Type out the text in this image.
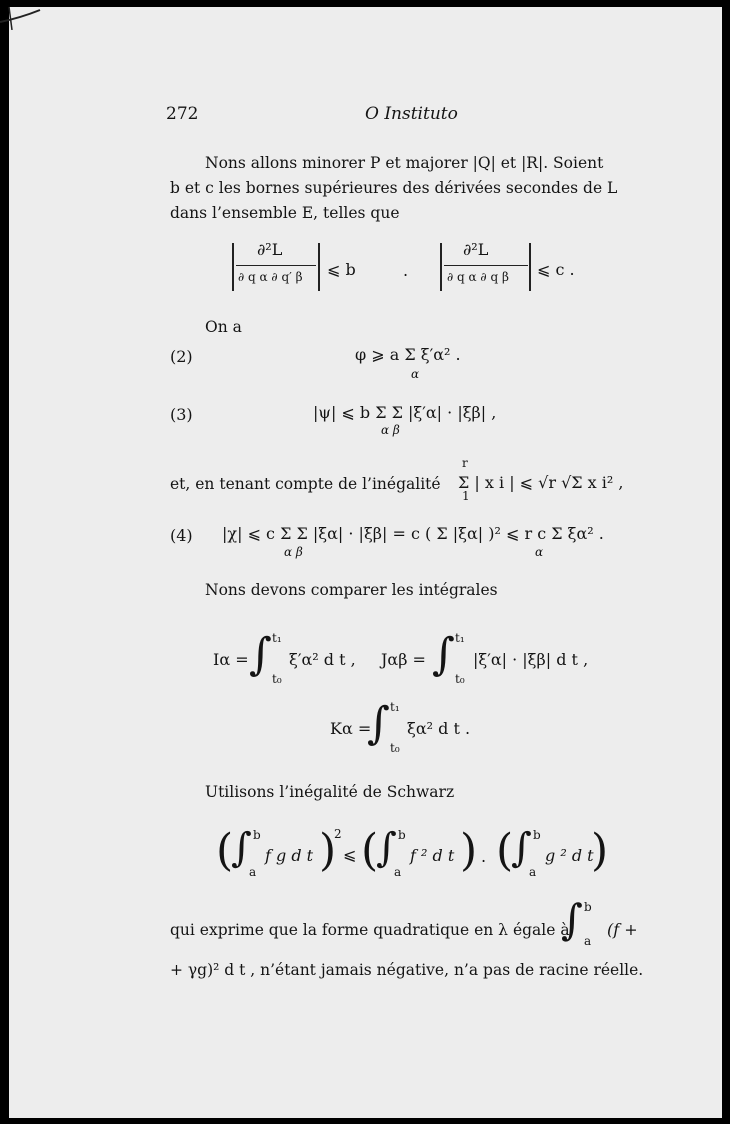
272	O Instituto
Nons allons minorer P et majorer |Q| et |R|. Soient
b et c les bornes supérieures des dérivées secondes de L
dans l’ensemble E, telles que
∂²L
∂ q α ∂ q′ β ⩽ b	.
∂²L
∂ q α ∂ q β ⩽ c .
On a
(2)	φ ⩾ a Σ ξ′α² .
α
(3)	|ψ| ⩽ b Σ Σ |ξ′α| · |ξβ| ,
α β
et, en tenant compte de l’inégalité
r
1
Σ | x i | ⩽ √r √Σ x i² ,
(4) |χ| ⩽ c Σ Σ |ξα| · |ξβ| = c ( Σ |ξα| )² ⩽ r c Σ ξα² .
α β	α
Nons devons comparer les intégrales
Iα = ∫ t₁
t₀
ξ′α² d t , Jαβ = ∫ t₁
t₀
|ξ′α| · |ξβ| d t ,
Kα =
∫ t₁
t₀
ξα² d t .
Utilisons l’inégalité de Schwarz
(
∫ b
a
f g d t )
2
⩽ (
∫ b
a
f ² d t ) . (
∫ b
a
g ² d t
)
qui exprime que la forme quadratique en λ égale à
∫ b
a
(f +
+ γg)² d t , n’étant jamais négative, n’a pas de racine réelle.
